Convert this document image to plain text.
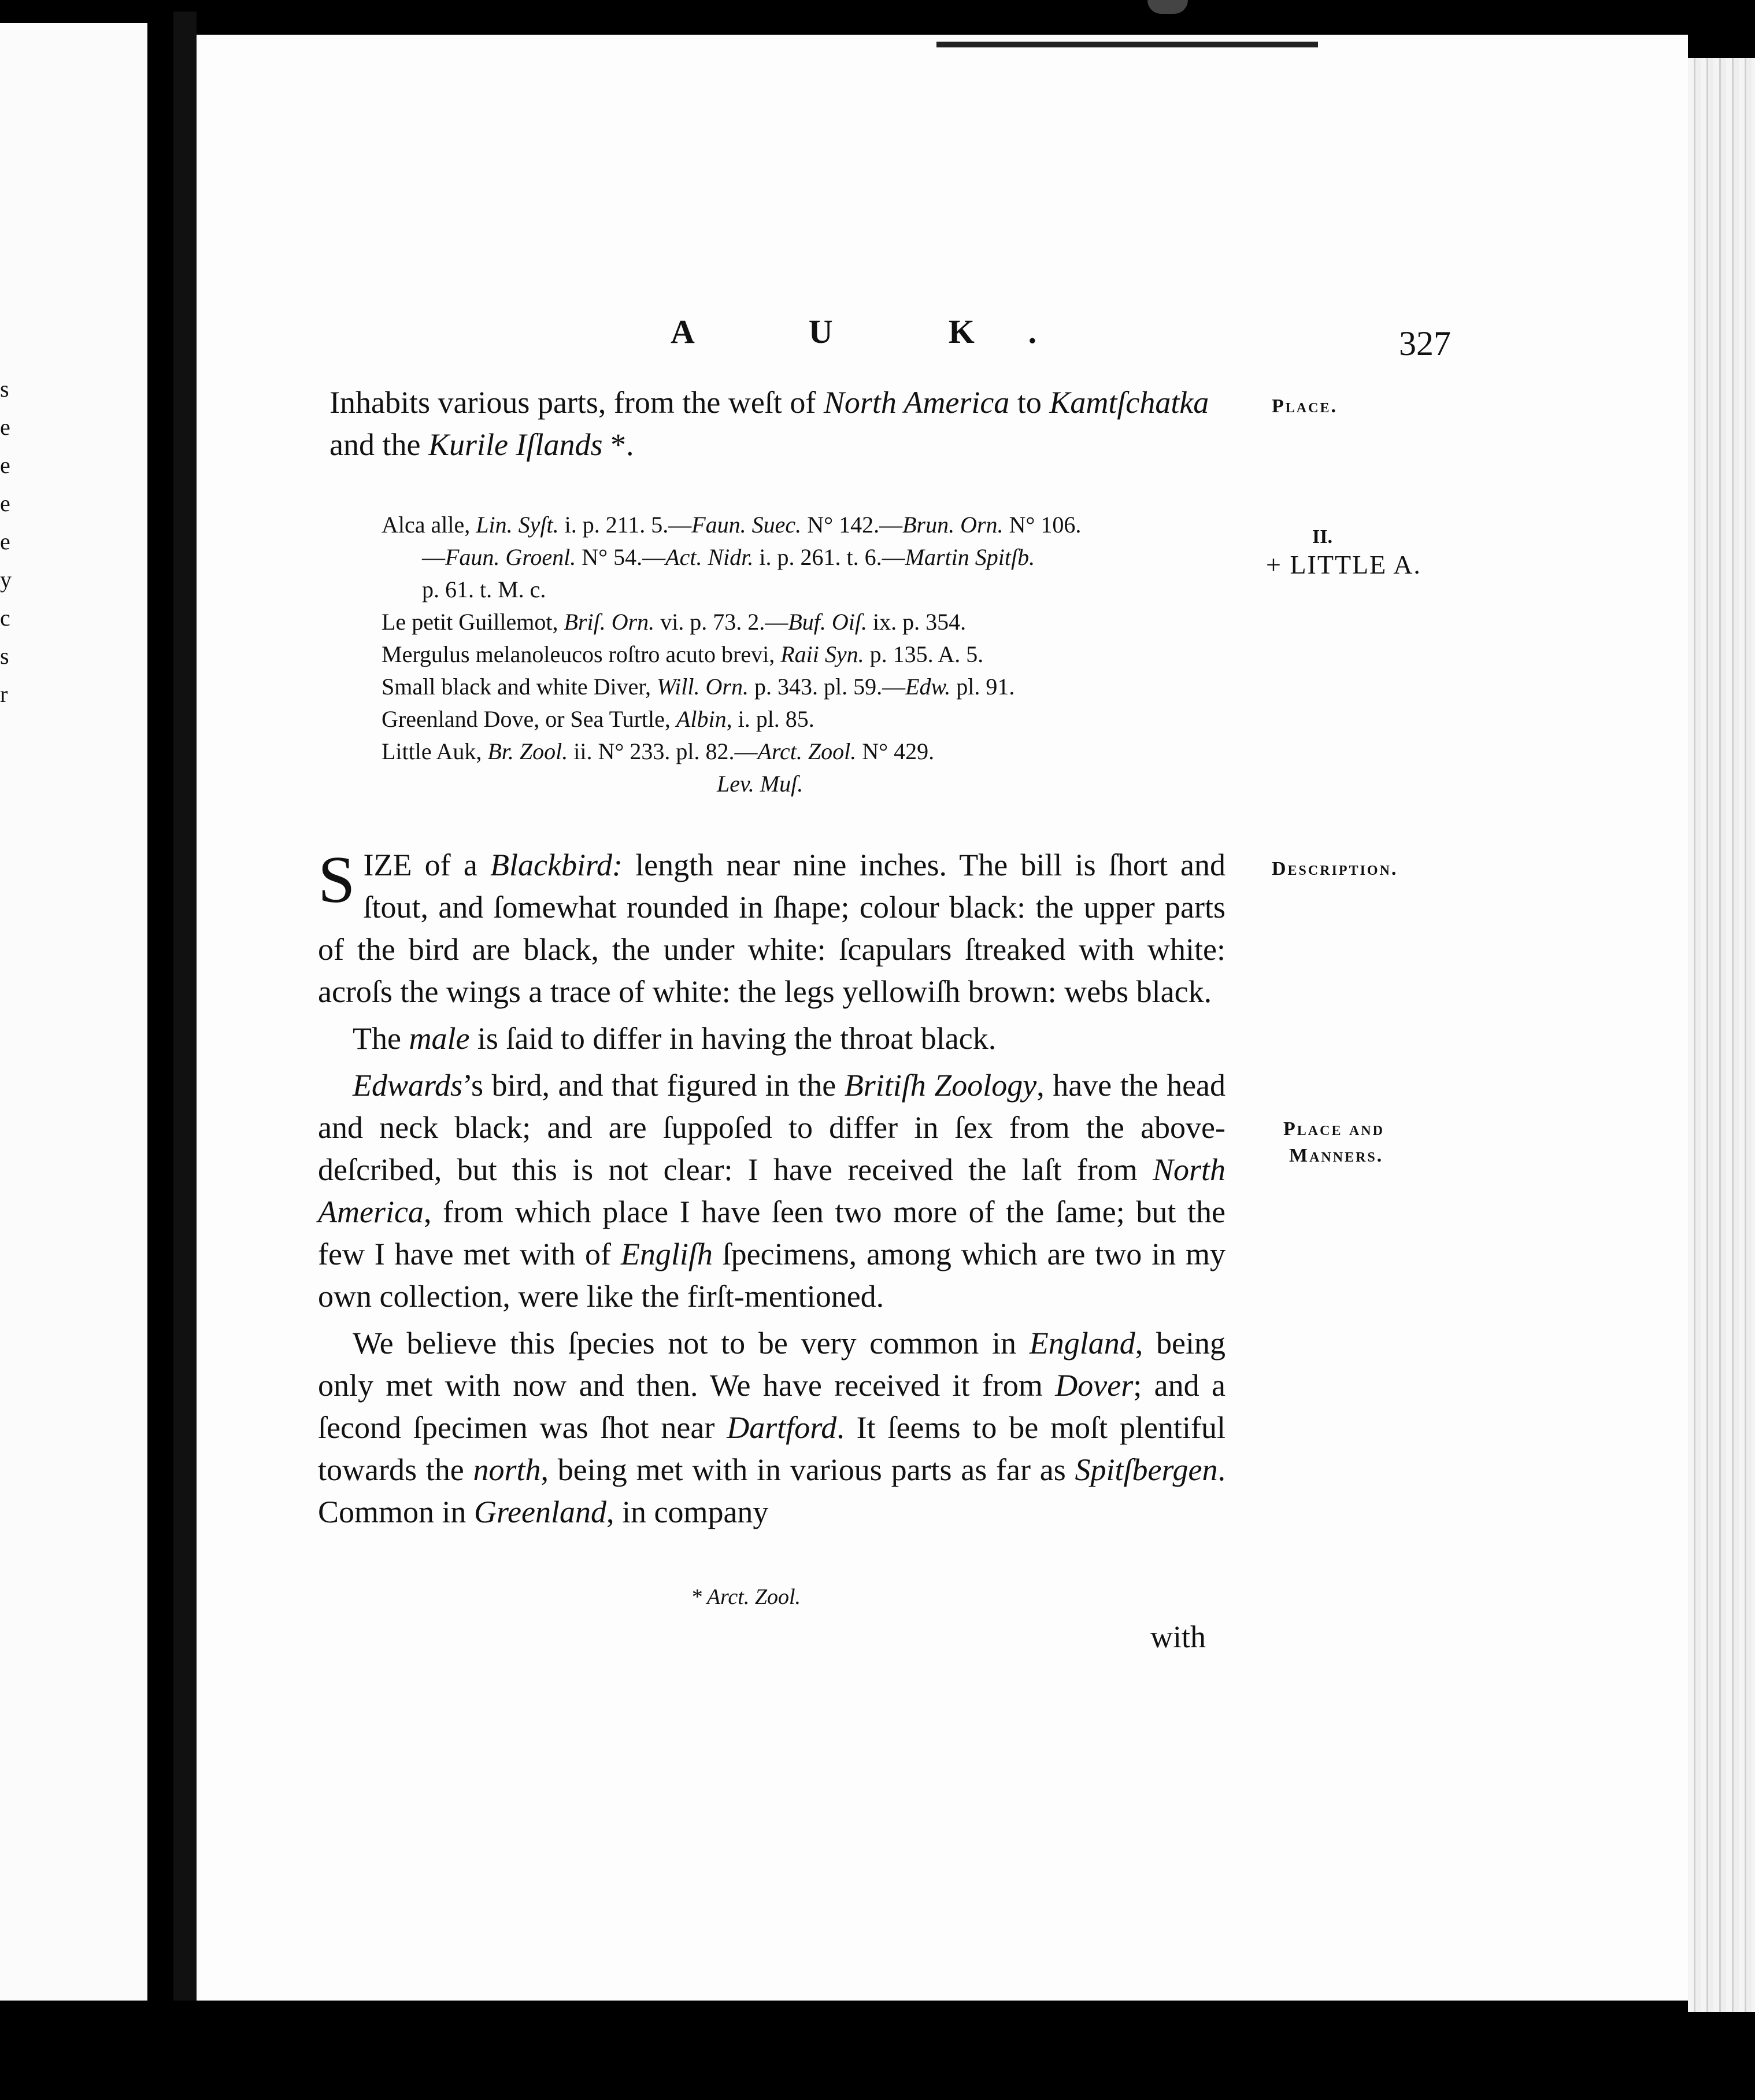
s
e
e
e
e
y
c
s
r
A U K.	327
Inhabits various parts, from the weſt of North America to Kamtſchatka and the Kurile Iſlands *.
Place.
II.
+ LITTLE A.
Alca alle, Lin. Syſt. i. p. 211. 5.—Faun. Suec. N° 142.—Brun. Orn. N° 106.
—Faun. Groenl. N° 54.—Act. Nidr. i. p. 261. t. 6.—Martin Spitſb.
p. 61. t. M. c.
Le petit Guillemot, Briſ. Orn. vi. p. 73. 2.—Buf. Oiſ. ix. p. 354.
Mergulus melanoleucos roſtro acuto brevi, Raii Syn. p. 135. A. 5.
Small black and white Diver, Will. Orn. p. 343. pl. 59.—Edw. pl. 91.
Greenland Dove, or Sea Turtle, Albin, i. pl. 85.
Little Auk, Br. Zool. ii. N° 233. pl. 82.—Arct. Zool. N° 429.
Lev. Muſ.
S IZE of a Blackbird: length near nine inches. The bill is ſhort and ſtout, and ſomewhat rounded in ſhape; colour black: the upper parts of the bird are black, the under white: ſcapulars ſtreaked with white: acroſs the wings a trace of white: the legs yellowiſh brown: webs black.
The male is ſaid to differ in having the throat black.
Edwards’s bird, and that figured in the Britiſh Zoology, have the head and neck black; and are ſuppoſed to differ in ſex from the above-deſcribed, but this is not clear: I have received the laſt from North America, from which place I have ſeen two more of the ſame; but the few I have met with of Engliſh ſpecimens, among which are two in my own collection, were like the firſt-mentioned.
We believe this ſpecies not to be very common in England, being only met with now and then. We have received it from Dover; and a ſecond ſpecimen was ſhot near Dartford. It ſeems to be moſt plentiful towards the north, being met with in various parts as far as Spitſbergen. Common in Greenland, in company
Description.
Place and
Manners.
* Arct. Zool.
with
